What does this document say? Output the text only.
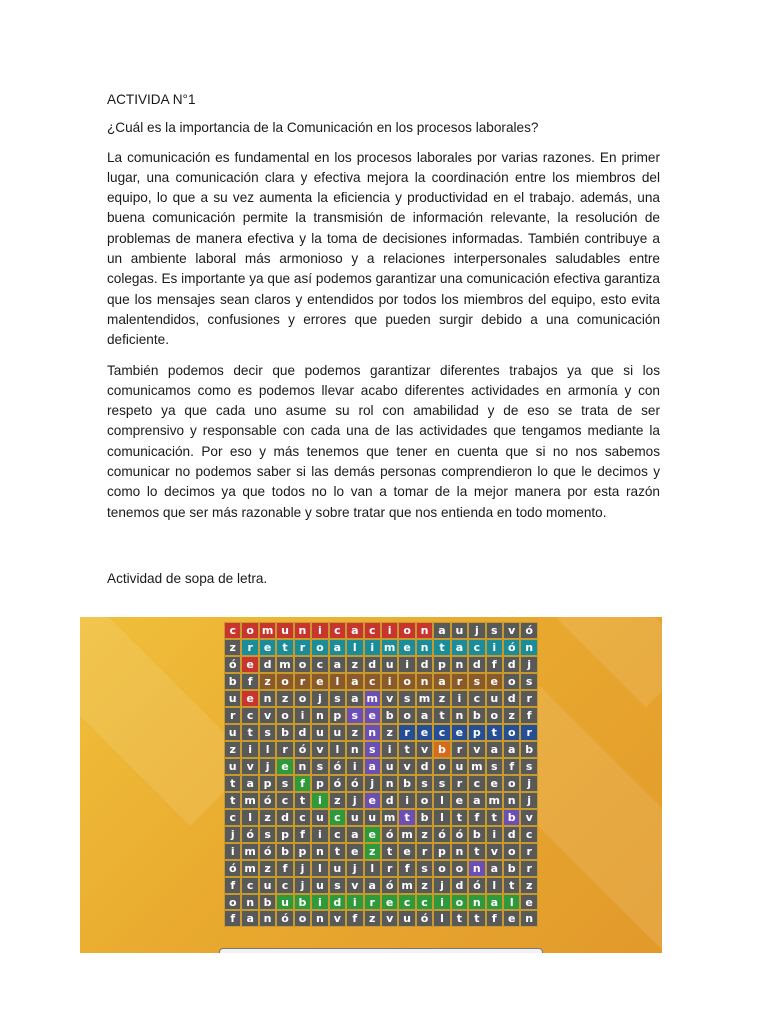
ACTIVIDA N°1

¿Cuál es la importancia de la Comunicación en los procesos laborales?

La comunicación es fundamental en los procesos laborales por varias razones. En primer lugar, una comunicación clara y efectiva mejora la coordinación entre los miembros del equipo, lo que a su vez aumenta la eficiencia y productividad en el trabajo. además, una buena comunicación permite la transmisión de información relevante, la resolución de problemas de manera efectiva y la toma de decisiones informadas. También contribuye a un ambiente laboral más armonioso y a relaciones interpersonales saludables entre colegas. Es importante ya que así podemos garantizar una comunicación efectiva garantiza que los mensajes sean claros y entendidos por todos los miembros del equipo, esto evita malentendidos, confusiones y errores que pueden surgir debido a una comunicación deficiente.

También podemos decir que podemos garantizar diferentes trabajos ya que si los comunicamos como es podemos llevar acabo diferentes actividades en armonía y con respeto ya que cada uno asume su rol con amabilidad y de eso se trata de ser comprensivo y responsable con cada una de las actividades que tengamos mediante la comunicación. Por eso y más tenemos que tener en cuenta que si no nos sabemos comunicar no podemos saber si las demás personas comprendieron lo que le decimos y como lo decimos ya que todos no lo van a tomar de la mejor manera por esta razón tenemos que ser más razonable y sobre tratar que nos entienda en todo momento.

Actividad de sopa de letra.

c o m u n	i	c a c	i	o n a u	j	s v ó
z	r e	t	r o a	l	i m e n t	a c	i	ó n
ó e d m o c a z d u	i	d p n d	f	d	j
b	f	z o r e	l	a c	i	o n a	r	s e o s
u e n z o	j	s a m v s m z	i	c u d r
r	c v o	i	n p s e b o a	t n b o z	f
u t	s b d u u z n z	r e c e p t	o r
z	i	l	r ó v	l	n s	i	t	v b r	v a a b
u v	j	e n s ó	i	a u v d o u m s	f	s
t	a p s	f	p ó ó	j	n b s s	r	c e o	j
t m ó c	t	i	z	j	e d	i	o	l	e a m n	j
c	l	z d c u c u u m t b	l	t	f	t b v
j	ó s p	f	i	c a e ó m z ó ó b	i	d c
i m ó b p n t	e z	t	e r p n t	v o r
ó m z	f	j	l	u	j	l	r	f	s o o n a b r
f	c u c	j	u s v a ó m z	j	d ó	l	t	z
o n b u b	i	d	i	r e c c	i	o n a	l	e
f	a n ó o n v	f	z v u ó	l	t	t	f	e n
